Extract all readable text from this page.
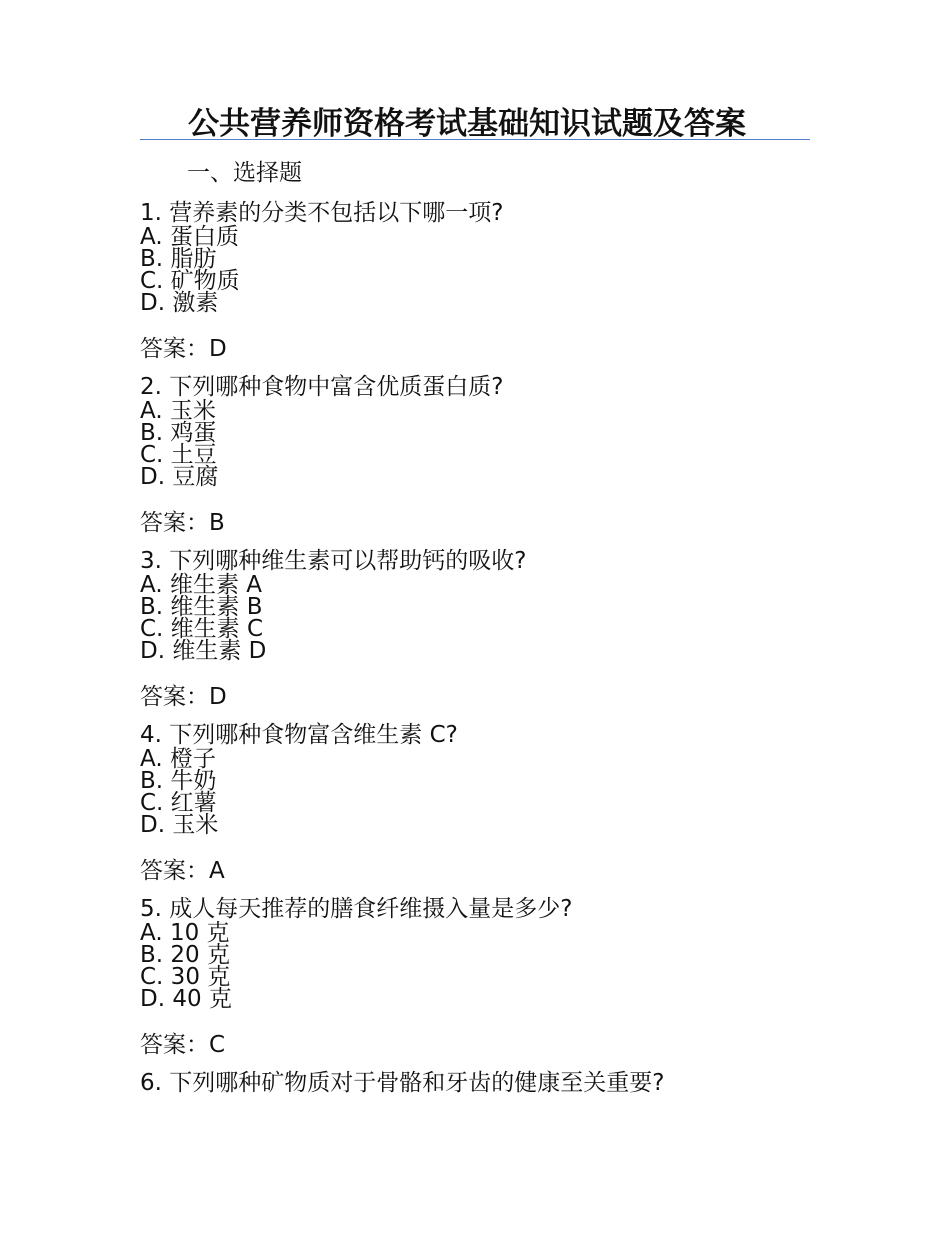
公共营养师资格考试基础知识试题及答案
一、选择题
1. 营养素的分类不包括以下哪一项?
A. 蛋白质
B. 脂肪
C. 矿物质
D. 激素
答案：D
2. 下列哪种食物中富含优质蛋白质?
A. 玉米
B. 鸡蛋
C. 土豆
D. 豆腐
答案：B
3. 下列哪种维生素可以帮助钙的吸收?
A. 维生素 A
B. 维生素 B
C. 维生素 C
D. 维生素 D
答案：D
4. 下列哪种食物富含维生素 C?
A. 橙子
B. 牛奶
C. 红薯
D. 玉米
答案：A
5. 成人每天推荐的膳食纤维摄入量是多少?
A. 10 克
B. 20 克
C. 30 克
D. 40 克
答案：C
6. 下列哪种矿物质对于骨骼和牙齿的健康至关重要?
